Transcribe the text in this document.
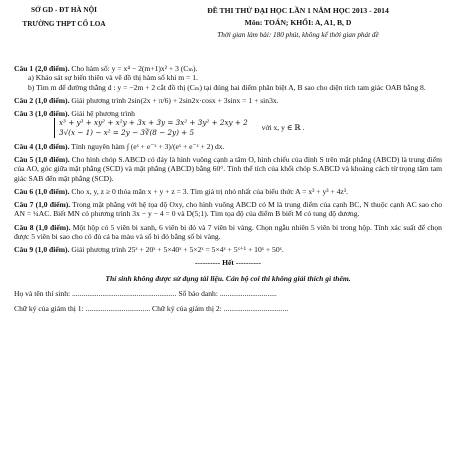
SỞ GD - ĐT HÀ NỘI
TRƯỜNG THPT CỔ LOA
ĐỀ THI THỬ ĐẠI HỌC LẦN 1 NĂM HỌC 2013 - 2014
Môn: TOÁN; KHỐI: A, A1, B, D
Thời gian làm bài: 180 phút, không kể thời gian phát đề
Câu 1 (2,0 điểm). Cho hàm số: y = x⁴ − 2(m+1)x² + 3 (Cₘ).
a) Khảo sát sự biến thiên và vẽ đồ thị hàm số khi m = 1.
b) Tìm m để đường thẳng d : y = −2m + 2 cắt đồ thị (Cₘ) tại đúng hai điểm phân biệt A, B sao cho diện tích tam giác OAB bằng 8.
Câu 2 (1,0 điểm). Giải phương trình 2sin(2x + π/6) + 2sin2x·cosx + 3sinx = 1 + sin3x.
Câu 3 (1,0 điểm). Giải hệ phương trình
x³ + y³ + xy² + x²y + 3x + 3y = 3x² + 3y² + 2xy + 2
3√(x − 1) − x² = 2y − 3∛(8 − 2y) + 5 với x, y ∈ ℝ .
Câu 4 (1,0 điểm). Tính nguyên hàm ∫ (eˣ + e⁻ˣ + 3)/(eˣ + e⁻ˣ + 2) dx.
Câu 5 (1,0 điểm). Cho hình chóp S.ABCD có đáy là hình vuông cạnh a tâm O, hình chiếu của đỉnh S trên mặt phẳng (ABCD) là trung điểm của AO, góc giữa mặt phẳng (SCD) và mặt phẳng (ABCD) bằng 60°. Tính thể tích của khối chóp S.ABCD và khoảng cách từ trọng tâm tam giác SAB đến mặt phẳng (SCD).
Câu 6 (1,0 điểm). Cho x, y, z ≥ 0 thỏa mãn x + y + z = 3. Tìm giá trị nhỏ nhất của biểu thức A = x³ + y³ + 4z³.
Câu 7 (1,0 điểm). Trong mặt phẳng với hệ tọa độ Oxy, cho hình vuông ABCD có M là trung điểm của cạnh BC, N thuộc cạnh AC sao cho AN = ¼AC. Biết MN có phương trình 3x − y − 4 = 0 và D(5;1). Tìm tọa độ của điểm B biết M có tung độ dương.
Câu 8 (1,0 điểm). Một hộp có 5 viên bi xanh, 6 viên bi đỏ và 7 viên bi vàng. Chọn ngẫu nhiên 5 viên bi trong hộp. Tính xác suất để chọn được 5 viên bi sao cho có đủ cả ba màu và số bi đỏ bằng số bi vàng.
Câu 9 (1,0 điểm). Giải phương trình 25ˣ + 20ˣ + 5×40ˣ + 5×2ˣ = 5×4ˣ + 5ˣ⁺¹ + 10ˣ + 50ˣ.
---------- Hết ----------
Thí sinh không được sử dụng tài liệu. Cán bộ coi thi không giải thích gì thêm.
Họ và tên thí sinh: ....................................................... Số báo danh: ..............................
Chữ ký của giám thị 1: .................................. Chữ ký của giám thị 2: ..................................
